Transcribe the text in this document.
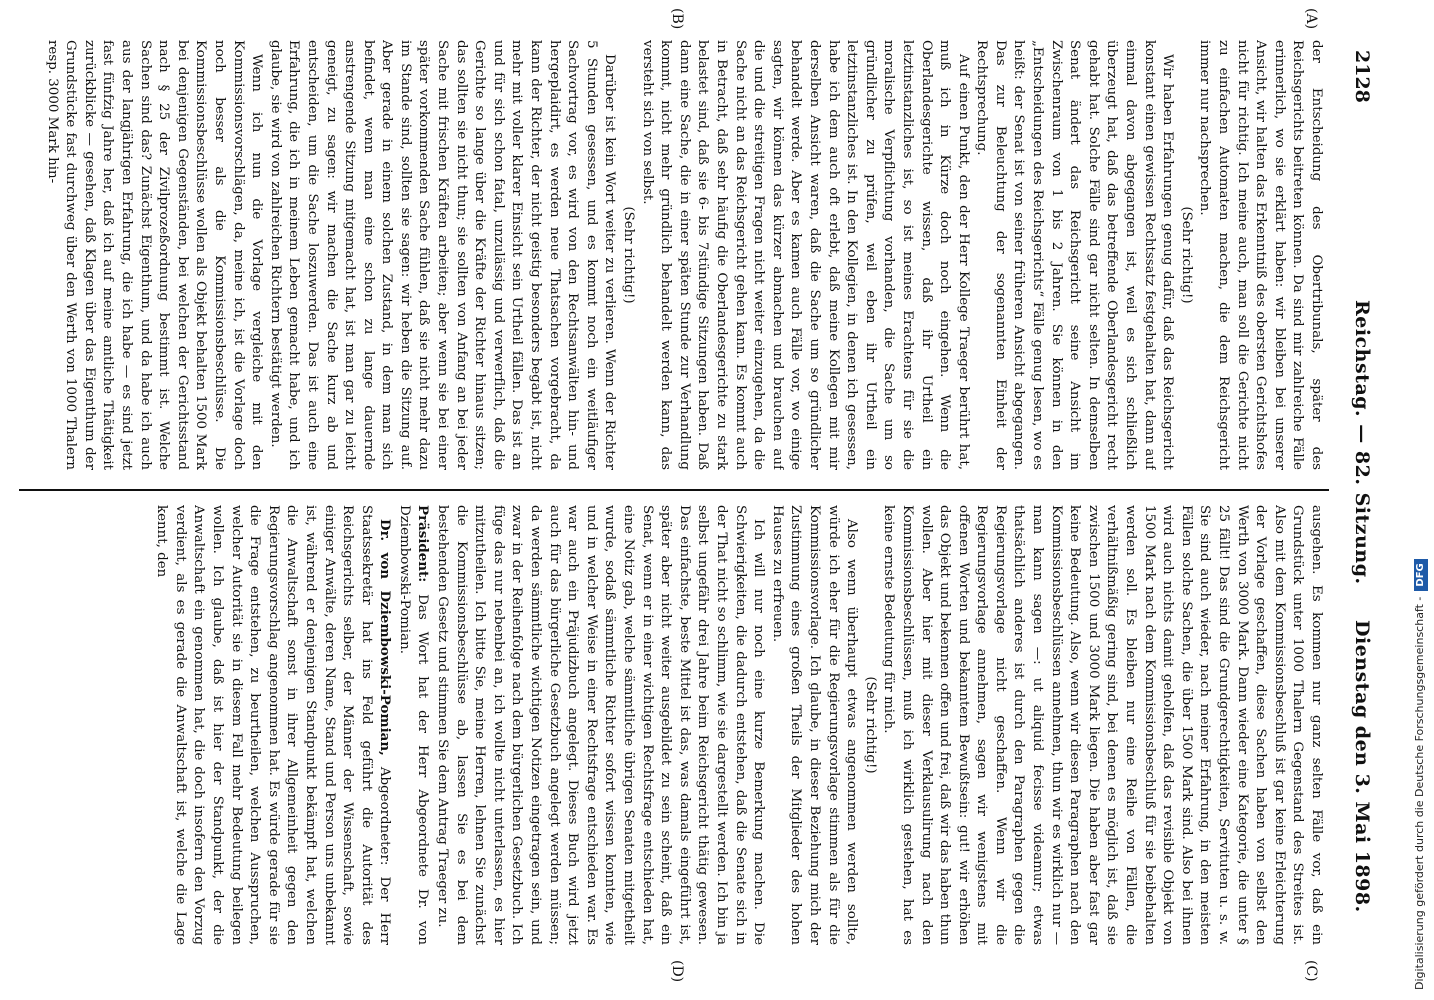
2128
Reichstag. — 82. Sitzung.
Dienstag den 3. Mai 1898.
(A)
(B)
(C)
(D)

der Entscheidung des Obertribunals, später des Reichsgerichts beitreten können. Da sind mir zahlreiche Fälle erinnerlich, wo sie erklärt haben: wir bleiben bei unserer Ansicht, wir halten das Erkenntniß des obersten Gerichtshofes nicht für richtig. Ich meine auch, man soll die Gerichte nicht zu einfachen Automaten machen, die dem Reichsgericht immer nur nachsprechen.

(Sehr richtig!)

Wir haben Erfahrungen genug dafür, daß das Reichsgericht konstant einen gewissen Rechtssatz festgehalten hat, dann auf einmal davon abgegangen ist, weil es sich schließlich überzeugt hat, daß das betreffende Oberlandesgericht recht gehabt hat. Solche Fälle sind gar nicht selten. In demselben Senat ändert das Reichsgericht seine Ansicht im Zwischenraum von 1 bis 2 Jahren. Sie können in den „Entscheidungen des Reichsgerichts“ Fälle genug lesen, wo es heißt: der Senat ist von seiner früheren Ansicht abgegangen. Das zur Beleuchtung der sogenannten Einheit der Rechtsprechung.

Auf einen Punkt, den der Herr Kollege Traeger berührt hat, muß ich in Kürze doch noch eingehen. Wenn die Oberlandesgerichte wissen, daß ihr Urtheil ein letztinstanzliches ist, so ist meines Erachtens für sie die moralische Verpflichtung vorhanden, die Sache um so gründlicher zu prüfen, weil eben ihr Urtheil ein letztinstanzliches ist. In den Kollegien, in denen ich gesessen, habe ich dem auch oft erlebt, daß meine Kollegen mit mir derselben Ansicht waren, daß die Sache um so gründlicher behandelt werde. Aber es kamen auch Fälle vor, wo einige sagten, wir können das kürzer abmachen und brauchen auf die und die streitigen Fragen nicht weiter einzugehen, da die Sache nicht an das Reichsgericht gehen kann. Es kommt auch in Betracht, daß sehr häufig die Oberlandesgerichte zu stark belastet sind, daß sie 6- bis 7stündige Sitzungen haben. Daß dann eine Sache, die in einer späten Stunde zur Verhandlung kommt, nicht mehr gründlich behandelt werden kann, das versteht sich von selbst.

(Sehr richtig!)

Darüber ist kein Wort weiter zu verlieren. Wenn der Richter 5 Stunden gesessen, und es kommt noch ein weitläufiger Sachvortrag vor, es wird von den Rechtsanwälten hin- und hergeplaidirt, es werden neue Thatsachen vorgebracht, da kann der Richter, der nicht geistig besonders begabt ist, nicht mehr mit voller klarer Einsicht sein Urtheil fällen. Das ist an und für sich schon fatal, unzulässig und verwerflich, daß die Gerichte so lange über die Kräfte der Richter hinaus sitzen; das sollten sie nicht thun; sie sollten von Anfang an bei jeder Sache mit frischen Kräften arbeiten; aber wenn sie bei einer später vorkommenden Sache fühlen, daß sie nicht mehr dazu im Stande sind, sollten sie sagen: wir heben die Sitzung auf. Aber gerade in einem solchen Zustand, in dem man sich befindet, wenn man eine schon zu lange dauernde anstrengende Sitzung mitgemacht hat, ist man gar zu leicht geneigt, zu sagen: wir machen die Sache kurz ab und entscheiden, um die Sache loszuwerden. Das ist auch eine Erfahrung, die ich in meinem Leben gemacht habe, und ich glaube, sie wird von zahlreichen Richtern bestätigt werden.

Wenn ich nun die Vorlage vergleiche mit den Kommissionsvorschlägen, da, meine ich, ist die Vorlage doch noch besser als die Kommissionsbeschlüsse. Die Kommissionsbeschlüsse wollen als Objekt behalten 1500 Mark bei denjenigen Gegenständen, bei welchen der Gerichtsstand nach § 25 der Zivilprozeßordnung bestimmt ist. Welche Sachen sind das? Zunächst Eigenthum, und da habe ich auch aus der langjährigen Erfahrung, die ich habe — es sind jetzt fast fünfzig Jahre her, daß ich auf meine amtliche Thätigkeit zurückblicke — gesehen, daß Klagen über das Eigenthum der Grundstücke fast durchweg über den Werth von 1000 Thalern resp. 3000 Mark hin-

ausgehen. Es kommen nur ganz selten Fälle vor, daß ein Grundstück unter 1000 Thalern Gegenstand des Streites ist. Also mit dem Kommissionsbeschluß ist gar keine Erleichterung der Vorlage geschaffen, diese Sachen haben von selbst den Werth von 3000 Mark. Dann wieder eine Kategorie, die unter § 25 fällt! Das sind die Grundgerechtigkeiten, Servituten u. s. w. Sie sind auch wieder, nach meiner Erfahrung, in den meisten Fällen solche Sachen, die über 1500 Mark sind. Also bei ihnen wird auch nichts damit geholfen, daß das revisible Objekt von 1500 Mark nach dem Kommissionsbeschluß für sie beibehalten werden soll. Es bleiben nur eine Reihe von Fällen, die verhältnißmäßig gering sind, bei denen es möglich ist, daß sie zwischen 1500 und 3000 Mark liegen. Die haben aber fast gar keine Bedeutung. Also, wenn wir diesen Paragraphen nach den Kommissionsbeschlüssen annehmen, thun wir es wirklich nur — man kann sagen —: ut aliquid fecisse videamur; etwas thatsächlich anderes ist durch den Paragraphen gegen die Regierungsvorlage nicht geschaffen. Wenn wir die Regierungsvorlage annehmen, sagen wir wenigstens mit offenen Worten und bekanntem Bewußtsein: gut! wir erhöhen das Objekt und bekennen offen und frei, daß wir das haben thun wollen. Aber hier mit dieser Verklausulirung nach den Kommissionsbeschlüssen, muß ich wirklich gestehen, hat es keine ernste Bedeutung für mich.

(Sehr richtig!)

Also wenn überhaupt etwas angenommen werden sollte, würde ich eher für die Regierungsvorlage stimmen als für die Kommissionsvorlage. Ich glaube, in dieser Beziehung mich der Zustimmung eines großen Theils der Mitglieder des hohen Hauses zu erfreuen.

Ich will nur noch eine kurze Bemerkung machen. Die Schwierigkeiten, die dadurch entstehen, daß die Senate sich in der That nicht so schlimm, wie sie dargestellt werden. Ich bin ja selbst ungefähr drei Jahre beim Reichsgericht thätig gewesen. Das einfachste, beste Mittel ist das, was damals eingeführt ist, später aber nicht weiter ausgebildet zu sein scheint, daß ein Senat, wenn er in einer wichtigen Rechtsfrage entschieden hat, eine Notiz gab, welche sämmtliche übrigen Senaten mitgetheilt wurde, sodaß sämmtliche Richter sofort wissen konnten, wie und in welcher Weise in einer Rechtsfrage entschieden war. Es war auch ein Präjudizbuch angelegt. Dieses Buch wird jetzt auch für das bürgerliche Gesetzbuch angelegt werden müssen; da werden sämmtliche wichtigen Notizen eingetragen sein, und zwar in der Reihenfolge nach dem bürgerlichen Gesetzbuch. Ich füge das nur nebenbei an, ich wollte nicht unterlassen, es hier mitzutheilen. Ich bitte Sie, meine Herren, lehnen Sie zunächst die Kommissionsbeschlüsse ab, lassen Sie es bei dem bestehenden Gesetz und stimmen Sie dem Antrag Traeger zu.

Präsident: Das Wort hat der Herr Abgeordnete Dr. von Dziembowski-Pomian.

Dr. von Dziembowski-Pomian, Abgeordneter: Der Herr Staatssekretär hat ins Feld geführt die Autorität des Reichsgerichts selber, der Männer der Wissenschaft, sowie einiger Anwälte, deren Name, Stand und Person uns unbekannt ist, während er denjenigen Standpunkt bekämpft hat, welchen die Anwaltschaft sonst in ihrer Allgemeinheit gegen den Regierungsvorschlag angenommen hat. Es würde gerade für sie die Frage entstehen, zu beurtheilen, welchen Ausspruchen, welcher Autorität sie in diesem Fall mehr Bedeutung beilegen wollen. Ich glaube, daß ist hier der Standpunkt, der die Anwaltschaft ein genommen hat, die doch insofern den Vorzug verdient, als es gerade die Anwaltschaft ist, welche die Lage kennt, den

Digitalisierung gefördert durch die Deutsche Forschungsgemeinschaft -DFG
